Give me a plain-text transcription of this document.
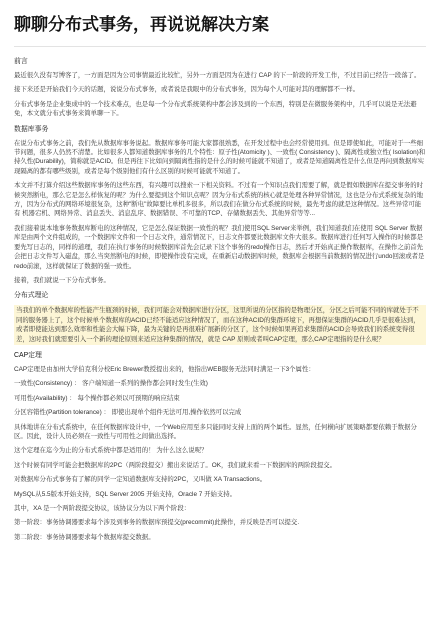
聊聊分布式事务，再说说解决方案
前言
最近很久没有写博客了，一方面是因为公司事情最近比较忙，另外一方面是因为在进行 CAP 的下一阶段的开发工作，不过目前已经告一段落了。
接下来还是开始我们今天的话题，说说分布式事务，或者说是我眼中的分布式事务，因为每个人可能对其的理解都不一样。
分布式事务是企业集成中的一个技术难点，也是每一个分布式系统架构中都会涉及到的一个东西，特别是在微服务架构中，几乎可以说是无法避免，本文就分布式事务来简单聊一下。
数据库事务
在说分布式事务之前，我们先从数据库事务说起。数据库事务可能大家都很熟悉，在开发过程中也会经常使用到。但是即使如此，可能对于一些细节问题，很多人仍然不清楚。比如很多人都知道数据库事务的几个特性：原子性(Atomicity )、一致性( Consistency )、隔离性或独立性( Isolation)和持久性(Durabilily)，简称就是ACID。但是再往下比如问到隔离性指的是什么的时候可能就不知道了，或者是知道隔离性是什么但是再问到数据库实现隔离的都有哪些级别，或者是每个级别他们有什么区别的时候可能就不知道了。
本文并不打算介绍这些数据库事务的这些东西，有兴趣可以搜索一下相关资料。不过有一个知识点我们需要了解，就是假如数据库在提交事务的时候突然断电，那么它是怎么样恢复的呢？为什么要提到这个知识点呢？因为分布式系统的核心就是处理各种异常情况，这也是分布式系统复杂的地方，因为分布式的网络环境很复杂，这种"断电"故障要比单机多很多，所以我们在做分布式系统的时候，最先考虑的就是这种情况。这些异常可能有 机器宕机、网络异常、消息丢失、消息乱序、数据错误、不可靠的TCP、存储数据丢失、其他异常等等...
我们接着说本地事务数据库断电的这种情况，它是怎么保证数据一致性的呢？我们使用SQL Server来举例，我们知道我们在使用 SQL Server 数据库是由两个文件组成的，一个数据库文件和一个日志文件，通常情况下，日志文件都要比数据库文件大很多。数据库进行任何写入操作的时候都是要先写日志的，同样的道理，我们在执行事务的时候数据库首先会记录下这个事务的redo操作日志，然后才开始真正操作数据库，在操作之前首先会把日志文件写入磁盘，那么当突然断电的时候，即使操作没有完成，在重新启动数据库时候，数据库会根据当前数据的情况进行undo回滚或者是redo前滚，这样就保证了数据的强一致性。
接着，我们就说一下分布式事务。
分布式理论
当我们的单个数据库的性能产生瓶颈的时候，我们可能会对数据库进行分区，这里所说的分区指的是物理分区，分区之后可能不同的库就处于不同的服务器上了，这个时候单个数据库的ACID已经不能适应这种情况了，而在这种ACID的集群环境下，再想保证集群的ACID几乎是很难达到，或者即使能达到那么效率和性能会大幅下降，最为关键的是再很难扩展新的分区了，这个时候如果再追求集群的ACID会导致我们的系统变得很差，这时我们就需要引入一个新的理论原则来适应这种集群的情况，就是 CAP 原则或者叫CAP定理，那么CAP定理指的是什么呢？
CAP定理
CAP定理是由加州大学伯克利分校Eric Brewer教授提出来的，他指出WEB服务无法同时满足一下3个属性：
一致性(Consistency) ： 客户端知道一系列的操作都会同时发生(生效)
可用性(Availability) ： 每个操作都必须以可预期的响应结束
分区容错性(Partition tolerance) ： 即使出现单个组件无法可用,操作依然可以完成
具体地讲在分布式系统中，在任何数据库设计中，一个Web应用至多只能同时支持上面的两个属性。显然，任何横向扩展策略都要依赖于数据分区。因此，设计人员必须在一致性与可用性之间做出选择。
这个定理在迄今为止的分布式系统中都是适用的！ 为什么这么说呢？
这个时候有同学可能会把数据库的2PC（两阶段提交）搬出来说话了。OK，我们就来看一下数据库的两阶段提交。
对数据库分布式事务有了解的同学一定知道数据库支持的2PC，又叫做 XA Transactions。
MySQL从5.5版本开始支持，SQL Server 2005 开始支持，Oracle 7 开始支持。
其中，XA 是一个两阶段提交协议，该协议分为以下两个阶段：
第一阶段：事务协调器要求每个涉及到事务的数据库预提交(precommit)此操作，并反映是否可以提交.
第二阶段：事务协调器要求每个数据库提交数据。
